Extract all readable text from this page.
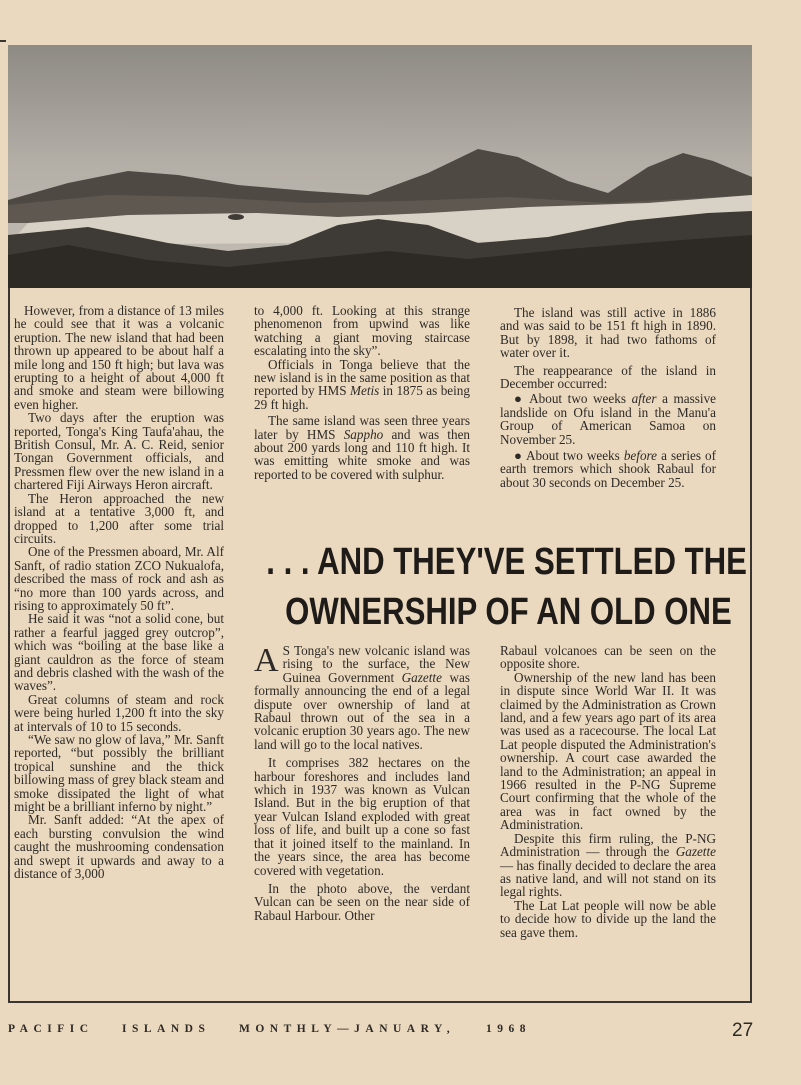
However, from a distance of 13 miles he could see that it was a volcanic eruption. The new island that had been thrown up appeared to be about half a mile long and 150 ft high; but lava was erupting to a height of about 4,000 ft and smoke and steam were billowing even higher.

Two days after the eruption was reported, Tonga's King Taufa'ahau, the British Consul, Mr. A. C. Reid, senior Tongan Government officials, and Pressmen flew over the new island in a chartered Fiji Airways Heron aircraft.

The Heron approached the new island at a tentative 3,000 ft, and dropped to 1,200 after some trial circuits.

One of the Pressmen aboard, Mr. Alf Sanft, of radio station ZCO Nukualofa, described the mass of rock and ash as “no more than 100 yards across, and rising to approximately 50 ft”.

He said it was “not a solid cone, but rather a fearful jagged grey outcrop”, which was “boiling at the base like a giant cauldron as the force of steam and debris clashed with the wash of the waves”.

Great columns of steam and rock were being hurled 1,200 ft into the sky at intervals of 10 to 15 seconds.

“We saw no glow of lava,” Mr. Sanft reported, “but possibly the brilliant tropical sunshine and the thick billowing mass of grey black steam and smoke dissipated the light of what might be a brilliant inferno by night.”

Mr. Sanft added: “At the apex of each bursting convulsion the wind caught the mushrooming condensation and swept it upwards and away to a distance of 3,000

to 4,000 ft. Looking at this strange phenomenon from upwind was like watching a giant moving staircase escalating into the sky”.

Officials in Tonga believe that the new island is in the same position as that reported by HMS Metis in 1875 as being 29 ft high.

The same island was seen three years later by HMS Sappho and was then about 200 yards long and 110 ft high. It was emitting white smoke and was reported to be covered with sulphur.

The island was still active in 1886 and was said to be 151 ft high in 1890. But by 1898, it had two fathoms of water over it.

The reappearance of the island in December occurred:

● About two weeks after a massive landslide on Ofu island in the Manu'a Group of American Samoa on November 25.

● About two weeks before a series of earth tremors which shook Rabaul for about 30 seconds on December 25.

. . . AND THEY'VE SETTLED THE
OWNERSHIP OF AN OLD ONE

A S Tonga's new volcanic island was rising to the surface, the New Guinea Government Gazette was formally announcing the end of a legal dispute over ownership of land at Rabaul thrown out of the sea in a volcanic eruption 30 years ago. The new land will go to the local natives.

It comprises 382 hectares on the harbour foreshores and includes land which in 1937 was known as Vulcan Island. But in the big eruption of that year Vulcan Island exploded with great loss of life, and built up a cone so fast that it joined itself to the mainland. In the years since, the area has become covered with vegetation.

In the photo above, the verdant Vulcan can be seen on the near side of Rabaul Harbour. Other

Rabaul volcanoes can be seen on the opposite shore.

Ownership of the new land has been in dispute since World War II. It was claimed by the Administration as Crown land, and a few years ago part of its area was used as a racecourse. The local Lat Lat people disputed the Administration's ownership. A court case awarded the land to the Administration; an appeal in 1966 resulted in the P-NG Supreme Court confirming that the whole of the area was in fact owned by the Administration.

Despite this firm ruling, the P-NG Administration — through the Gazette — has finally decided to declare the area as native land, and will not stand on its legal rights.

The Lat Lat people will now be able to decide how to divide up the land the sea gave them.

PACIFIC ISLANDS MONTHLY—JANUARY,	1968	27
